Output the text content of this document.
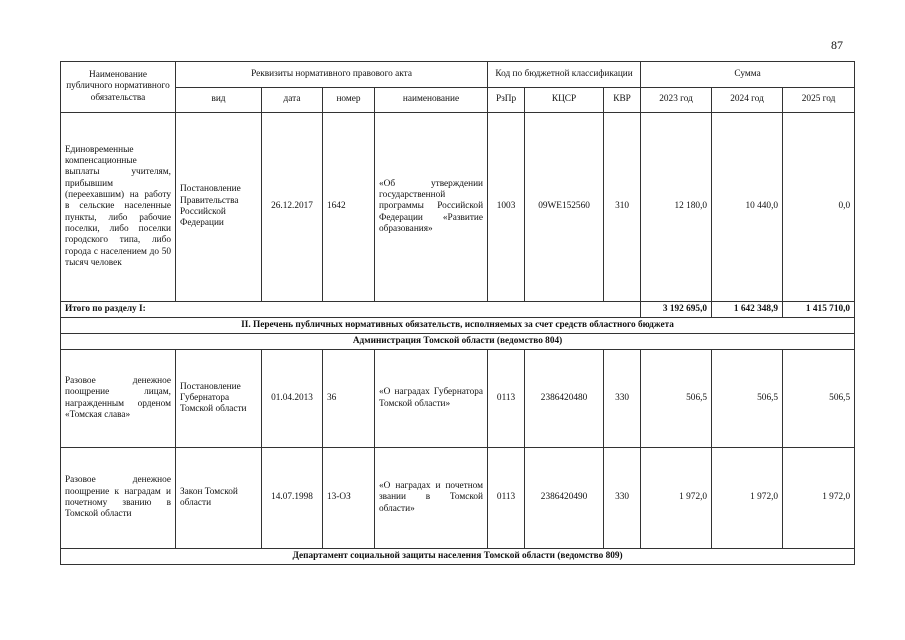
87
Наименование публичного нормативного обязательства	Реквизиты нормативного правового акта				Код по бюджетной классификации			Сумма		
	вид	дата	номер	наименование	РзПр	КЦСР	КВР	2023 год	2024 год	2025 год
Единовременные компенсационные выплаты учителям, прибывшим (переехавшим) на работу в сельские населенные пункты, либо рабочие поселки, либо поселки городского типа, либо города с населением до 50 тысяч человек	Постановление Правительства Российской Федерации	26.12.2017	1642	«Об утверждении государственной программы Российской Федерации «Развитие образования»	1003	09WE152560	310	12 180,0	10 440,0	0,0
Итого по разделу I:								3 192 695,0	1 642 348,9	1 415 710,0
II. Перечень публичных нормативных обязательств, исполняемых за счет средств областного бюджета										
Администрация Томской области (ведомство 804)										
Разовое денежное поощрение лицам, награжденным орденом «Томская слава»	Постановление Губернатора Томской области	01.04.2013	36	«О наградах Губернатора Томской области»	0113	2386420480	330	506,5	506,5	506,5
Разовое денежное поощрение к наградам и почетному званию в Томской области	Закон Томской области	14.07.1998	13-ОЗ	«О наградах и почетном звании в Томской области»	0113	2386420490	330	1 972,0	1 972,0	1 972,0
Департамент социальной защиты населения Томской области (ведомство 809)										
